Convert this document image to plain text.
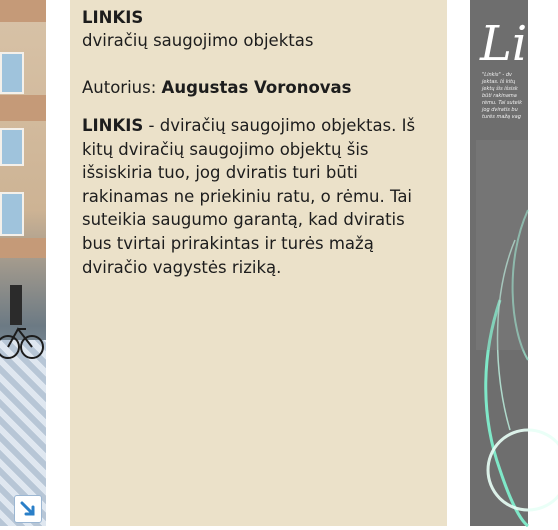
LINKIS

dviračių saugojimo objektas

Autorius: Augustas Voronovas

LINKIS - dviračių saugojimo objektas. Iš kitų dviračių saugojimo objektų šis išsiskiria tuo, jog dviratis turi būti rakinamas ne priekiniu ratu, o rėmu. Tai suteikia saugumo garantą, kad dviratis bus tvirtai prirakintas ir turės mažą dviračio vagystės riziką.

Lin
"Linkis" - dv
jektas. Iš kitų
jektų šis išsisk
būti rakinama
rėmu. Tai suteik
jog dviratis bu
turės mažą vag
